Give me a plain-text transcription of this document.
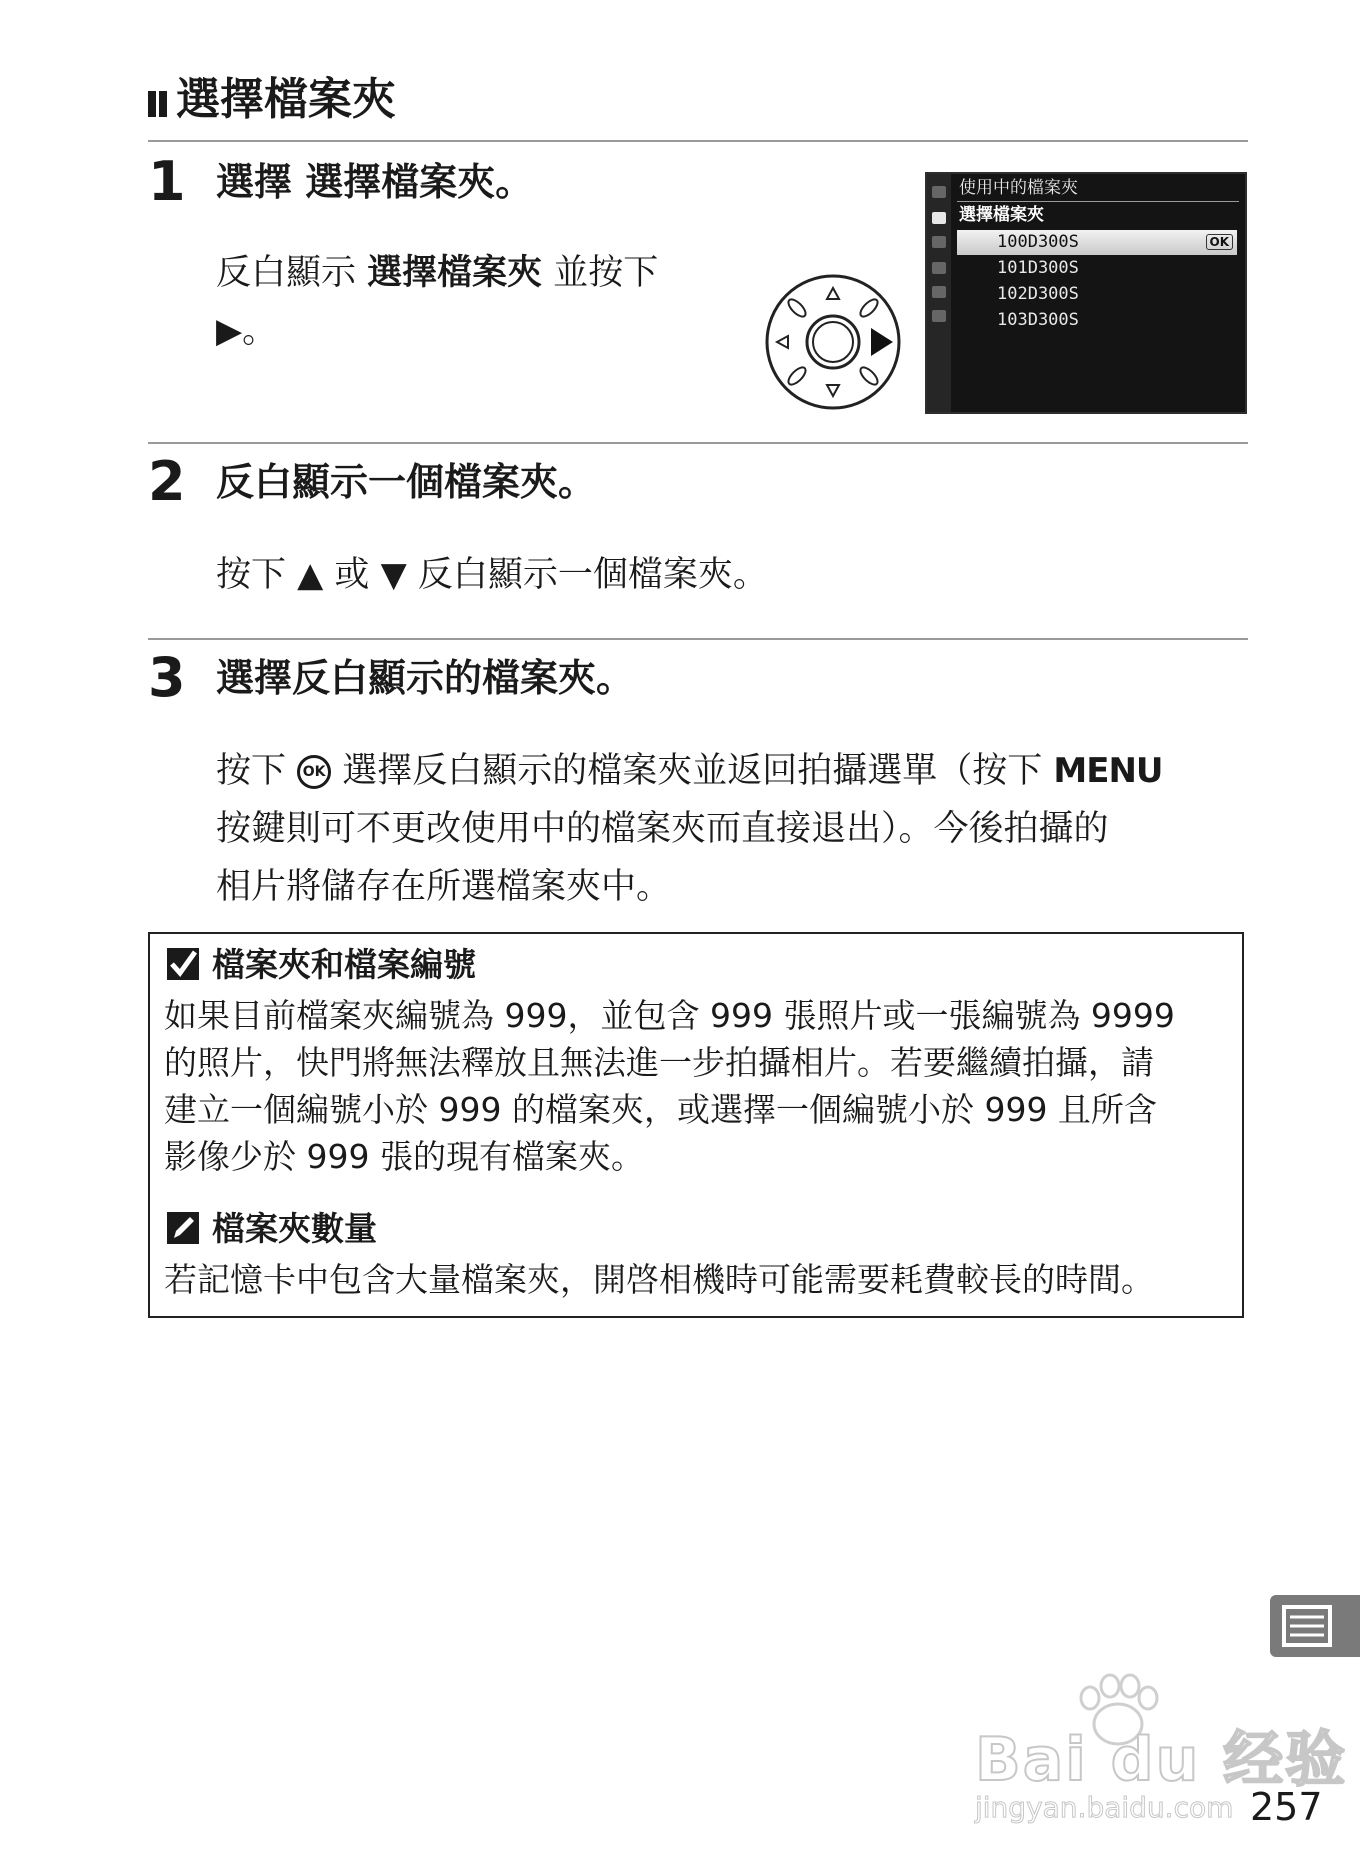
選擇檔案夾
1 選擇 選擇檔案夾。
反白顯示 選擇檔案夾 並按下
▶。
使用中的檔案夾
選擇檔案夾
100D300S	OK
101D300S
102D300S
103D300S
2 反白顯示一個檔案夾。
按下 ▲ 或 ▼ 反白顯示一個檔案夾。
3 選擇反白顯示的檔案夾。
按下 OK 選擇反白顯示的檔案夾並返回拍攝選單（按下 MENU
按鍵則可不更改使用中的檔案夾而直接退出）。今後拍攝的
相片將儲存在所選檔案夾中。
檔案夾和檔案編號
如果目前檔案夾編號為 999，並包含 999 張照片或一張編號為 9999
的照片，快門將無法釋放且無法進一步拍攝相片。若要繼續拍攝，請
建立一個編號小於 999 的檔案夾，或選擇一個編號小於 999 且所含
影像少於 999 張的現有檔案夾。
檔案夾數量
若記憶卡中包含大量檔案夾，開啓相機時可能需要耗費較長的時間。
Bai du 经验
jingyan.baidu.com 257
